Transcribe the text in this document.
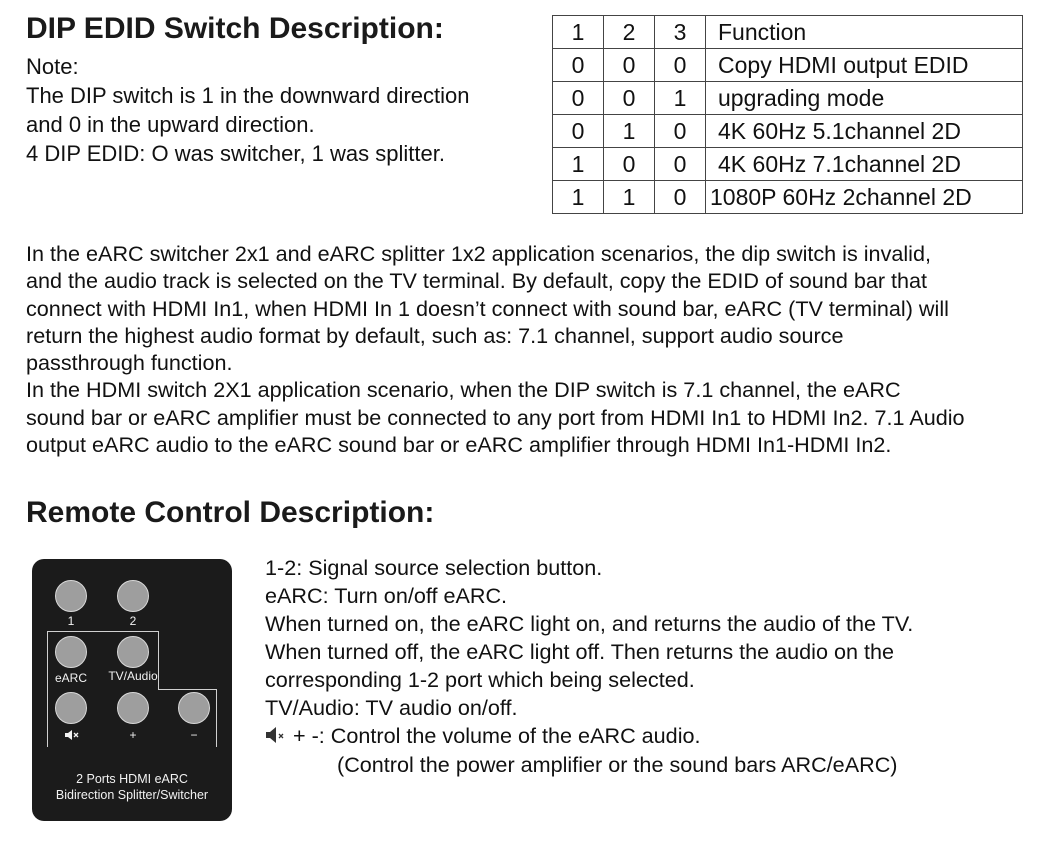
DIP EDID Switch Description:
Note:
The DIP switch is 1 in the downward direction
and 0 in the upward direction.
4 DIP EDID: O was switcher, 1 was splitter.
1	2	3	Function
0	0	0	Copy HDMI output EDID
0	0	1	upgrading mode
0	1	0	4K 60Hz 5.1channel 2D
1	0	0	4K 60Hz 7.1channel 2D
1	1	0	1080P 60Hz 2channel 2D
In the eARC switcher 2x1 and eARC splitter 1x2 application scenarios, the dip switch is invalid,
and the audio track is selected on the TV terminal. By default, copy the EDID of sound bar that
connect with HDMI In1, when HDMI In 1 doesn’t connect with sound bar, eARC (TV terminal) will
return the highest audio format by default, such as: 7.1 channel, support audio source
passthrough function.
In the HDMI switch 2X1 application scenario, when the DIP switch is 7.1 channel, the eARC
sound bar or eARC amplifier must be connected to any port from HDMI In1 to HDMI In2. 7.1 Audio
output eARC audio to the eARC sound bar or eARC amplifier through HDMI In1-HDMI In2.
Remote Control Description:
1	2
eARC	TV/Audio
+	−
2 Ports HDMI eARC
Bidirection Splitter/Switcher
1-2: Signal source selection button.
eARC: Turn on/off eARC.
When turned on, the eARC light on, and returns the audio of the TV.
When turned off, the eARC light off. Then returns the audio on the
corresponding 1-2 port which being selected.
TV/Audio: TV audio on/off.
+ -: Control the volume of the eARC audio.
(Control the power amplifier or the sound bars ARC/eARC)
